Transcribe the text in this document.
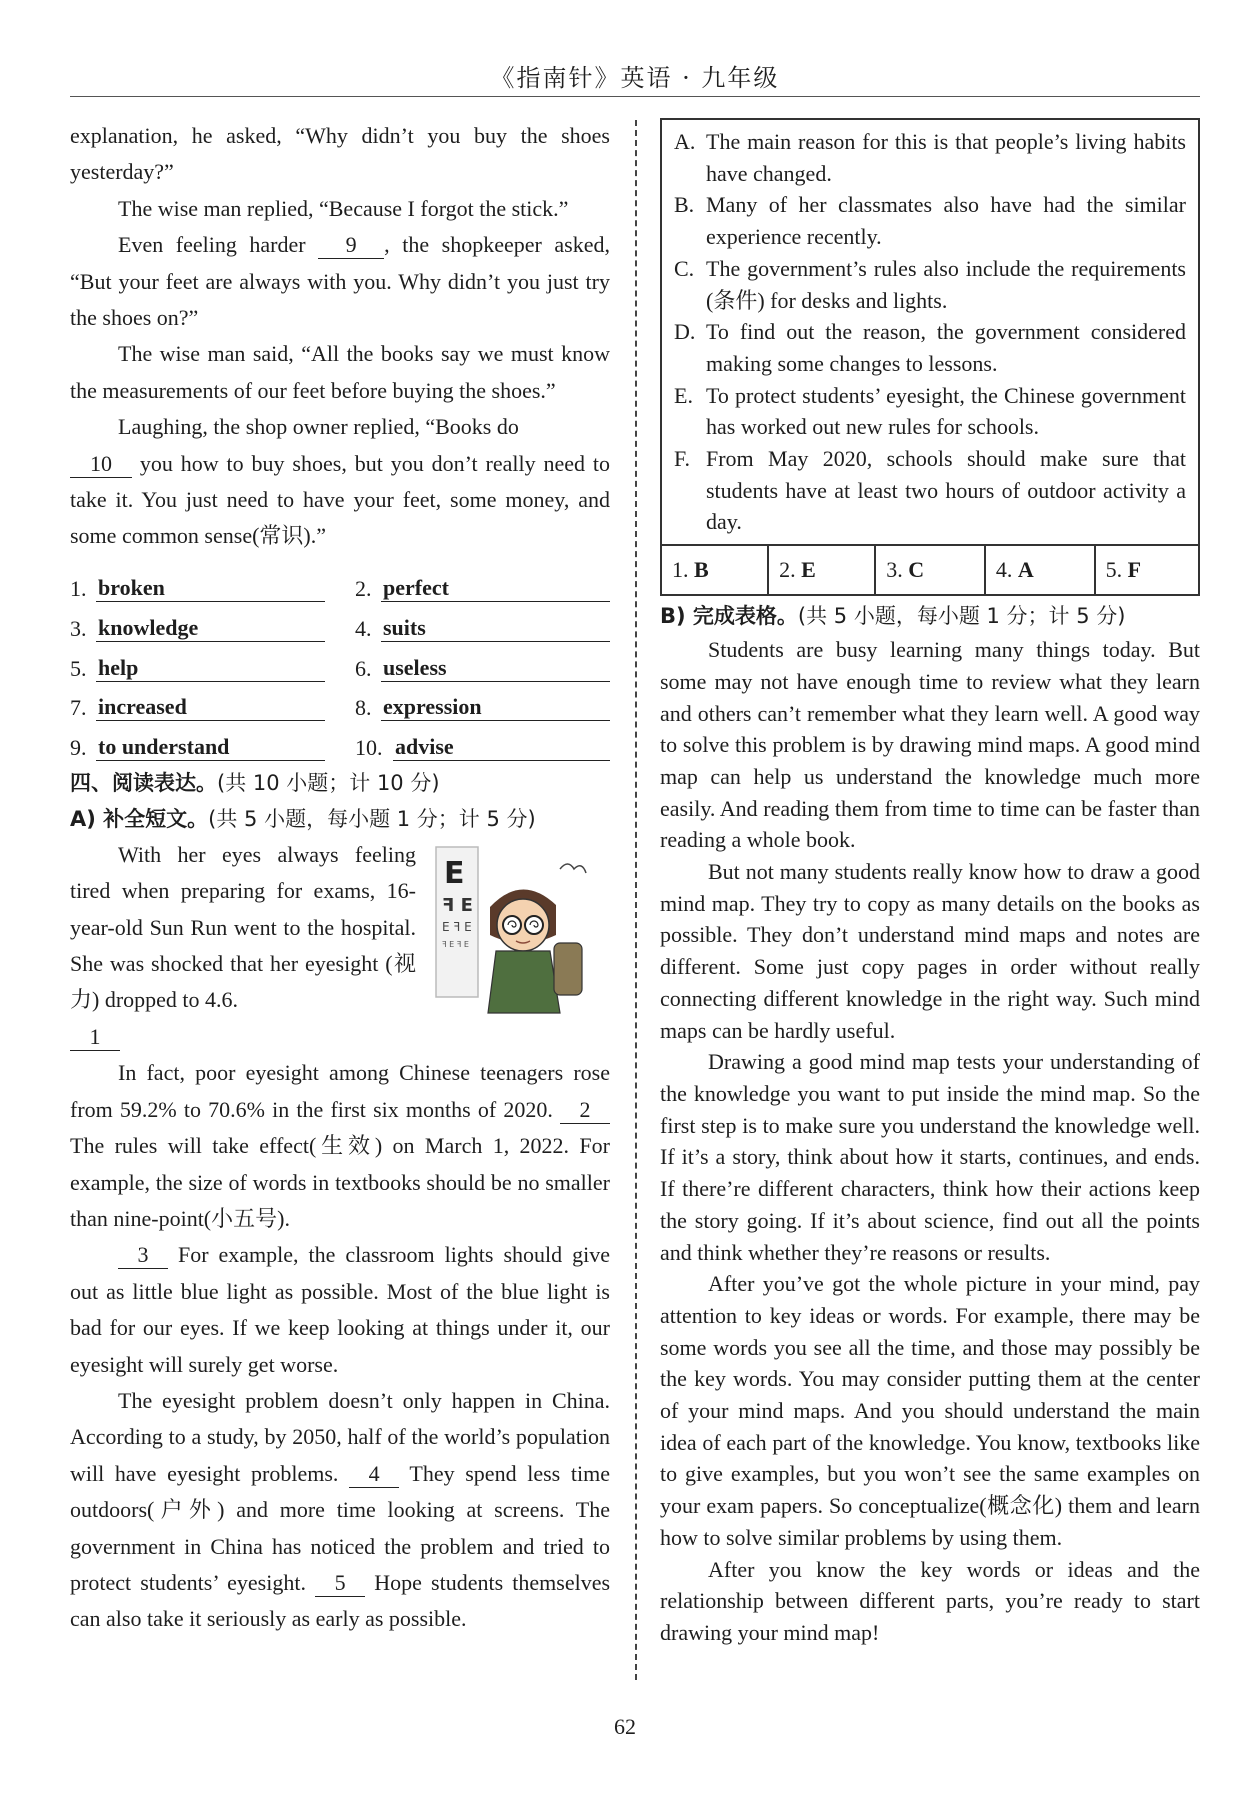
《指南针》英语 · 九年级

explanation, he asked, “Why didn’t you buy the shoes yesterday?”

The wise man replied, “Because I forgot the stick.”

Even feeling harder 9 , the shopkeeper asked, “But your feet are always with you. Why didn’t you just try the shoes on?”

The wise man said, “All the books say we must know the measurements of our feet before buying the shoes.”

Laughing, the shop owner replied, “Books do
10 you how to buy shoes, but you don’t really need to take it. You just need to have your feet, some money, and some common sense(常识).”

1. broken	2. perfect
3. knowledge	4. suits
5. help	6. useless
7. increased	8. expression
9. to understand	10. advise
四、阅读表达。(共 10 小题；计 10 分)
A) 补全短文。(共 5 小题，每小题 1 分；计 5 分)
E
ꟻ E
E ꟻ E
ꟻ E ꟻ E

With her eyes always feeling tired when preparing for exams, 16-year-old Sun Run went to the hospital. She was shocked that her eyesight (视力) dropped to 4.6.
1

In fact, poor eyesight among Chinese teenagers rose from 59.2% to 70.6% in the first six months of 2020. 2 The rules will take effect(生效) on March 1, 2022. For example, the size of words in textbooks should be no smaller than nine-point(小五号).

3 For example, the classroom lights should give out as little blue light as possible. Most of the blue light is bad for our eyes. If we keep looking at things under it, our eyesight will surely get worse.

The eyesight problem doesn’t only happen in China. According to a study, by 2050, half of the world’s population will have eyesight problems. 4 They spend less time outdoors(户外) and more time looking at screens. The government in China has noticed the problem and tried to protect students’ eyesight. 5 Hope students themselves can also take it seriously as early as possible.

A. The main reason for this is that people’s living habits have changed.
B. Many of her classmates also have had the similar experience recently.
C. The government’s rules also include the requirements (条件) for desks and lights.
D. To find out the reason, the government considered making some changes to lessons.
E. To protect students’ eyesight, the Chinese government has worked out new rules for schools.
F. From May 2020, schools should make sure that students have at least two hours of outdoor activity a day.
1. B	2. E	3. C	4. A	5. F
B) 完成表格。(共 5 小题，每小题 1 分；计 5 分)

Students are busy learning many things today. But some may not have enough time to review what they learn and others can’t remember what they learn well. A good way to solve this problem is by drawing mind maps. A good mind map can help us understand the knowledge much more easily. And reading them from time to time can be faster than reading a whole book.

But not many students really know how to draw a good mind map. They try to copy as many details on the books as possible. They don’t understand mind maps and notes are different. Some just copy pages in order without really connecting different knowledge in the right way. Such mind maps can be hardly useful.

Drawing a good mind map tests your understanding of the knowledge you want to put inside the mind map. So the first step is to make sure you understand the knowledge well. If it’s a story, think about how it starts, continues, and ends. If there’re different characters, think how their actions keep the story going. If it’s about science, find out all the points and think whether they’re reasons or results.

After you’ve got the whole picture in your mind, pay attention to key ideas or words. For example, there may be some words you see all the time, and those may possibly be the key words. You may consider putting them at the center of your mind maps. And you should understand the main idea of each part of the knowledge. You know, textbooks like to give examples, but you won’t see the same examples on your exam papers. So conceptualize(概念化) them and learn how to solve similar problems by using them.

After you know the key words or ideas and the relationship between different parts, you’re ready to start drawing your mind map!

62
